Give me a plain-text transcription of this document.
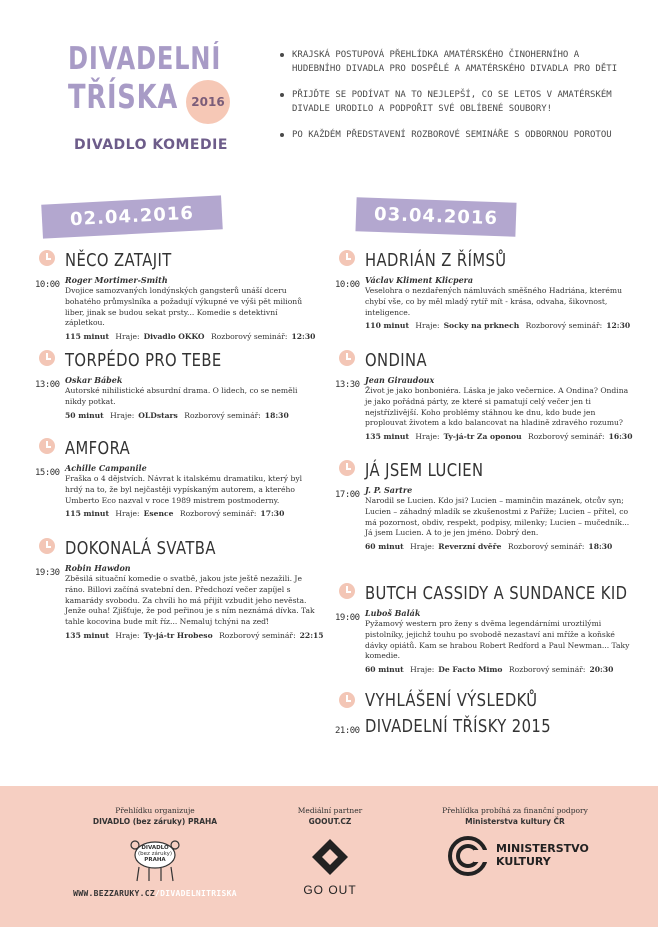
DIVADELNÍ
TŘÍSKA	2016
DIVADLO KOMEDIE
KRAJSKÁ POSTUPOVÁ PŘEHLÍDKA AMATÉRSKÉHO ČINOHERNÍHO A HUDEBNÍHO DIVADLA PRO DOSPĚLÉ A AMATÉRSKÉHO DIVADLA PRO DĚTI
PŘIJĎTE SE PODÍVAT NA TO NEJLEPŠÍ, CO SE LETOS V AMATÉRSKÉM DIVADLE URODILO A PODPOŘIT SVÉ OBLÍBENÉ SOUBORY!
PO KAŽDÉM PŘEDSTAVENÍ ROZBOROVÉ SEMINÁŘE S ODBORNOU POROTOU
02.04.2016	03.04.2016
10:00
NĚCO ZATAJIT
Roger Mortimer-Smith
Dvojice samozvaných londýnských gangsterů unáší dceru bohatého průmyslníka a požadují výkupné ve výši pět milionů liber, jinak se budou sekat prsty... Komedie s detektivní zápletkou.
115 minut Hraje: Divadlo OKKO Rozborový seminář: 12:30
13:00
TORPÉDO PRO TEBE
Oskar Bábek
Autorské nihilistické absurdní drama. O lidech, co se neměli nikdy potkat.
50 minut Hraje: OLDstars Rozborový seminář: 18:30
15:00
AMFORA
Achille Campanile
Fraška o 4 dějstvích. Návrat k italskému dramatiku, který byl hrdý na to, že byl nejčastěji vypískaným autorem, a kterého Umberto Eco nazval v roce 1989 mistrem postmoderny.
115 minut Hraje: Esence Rozborový seminář: 17:30
19:30
DOKONALÁ SVATBA
Robin Hawdon
Zběsilá situační komedie o svatbě, jakou jste ještě nezažili. Je ráno. Billovi začíná svatební den. Předchozí večer zapíjel s kamarády svobodu. Za chvíli ho má přijít vzbudit jeho nevěsta. Jenže ouha! Zjišťuje, že pod peřinou je s ním neznámá dívka. Tak tahle kocovina bude mít říz... Nemaluj tchýni na zeď!
135 minut Hraje: Ty-já-tr Hrobeso Rozborový seminář: 22:15
10:00
HADRIÁN Z ŘÍMSŮ
Václav Kliment Klicpera
Veselohra o nezdařených námluvách směšného Hadriána, kterému chybí vše, co by měl mladý rytíř mít - krása, odvaha, šikovnost, inteligence.
110 minut Hraje: Socky na prknech Rozborový seminář: 12:30
13:30
ONDINA
Jean Giraudoux
Život je jako bonboniéra. Láska je jako večernice. A Ondina? Ondina je jako pořádná párty, ze které si pamatují celý večer jen ti nejstřízlivější. Koho problémy stáhnou ke dnu, kdo bude jen proplouvat životem a kdo balancovat na hladině zdravého rozumu?
135 minut Hraje: Ty-já-tr Za oponou Rozborový seminář: 16:30
17:00
JÁ JSEM LUCIEN
J. P. Sartre
Narodil se Lucien. Kdo jsi? Lucien – maminčin mazánek, otcův syn; Lucien – záhadný mladík se zkušenostmi z Paříže; Lucien – přítel, co má pozornost, obdiv, respekt, podpisy, milenky; Lucien – mučedník... Já jsem Lucien. A to je jen jméno. Dobrý den.
60 minut Hraje: Reverzní dvěře Rozborový seminář: 18:30
19:00
BUTCH CASSIDY A SUNDANCE KID
Luboš Balák
Pyžamový western pro ženy s dvěma legendárními uroztilými pistolníky, jejichž touhu po svobodě nezastaví ani mříže a koňské dávky opiátů. Kam se hrabou Robert Redford a Paul Newman... Taky komedie.
60 minut Hraje: De Facto Mimo Rozborový seminář: 20:30
21:00
VYHLÁŠENÍ VÝSLEDKŮ
DIVADELNÍ TŘÍSKY 2015
Přehlídku organizuje
DIVADLO (bez záruky) PRAHA
DIVADLO
(bez záruky)
PRAHA
WWW.BEZZARUKY.CZ/DIVADELNITRISKA
Mediální partner
GOOUT.CZ
GO OUT
Přehlídka probíhá za finanční podpory
Ministerstva kultury ČR
MINISTERSTVO
KULTURY
